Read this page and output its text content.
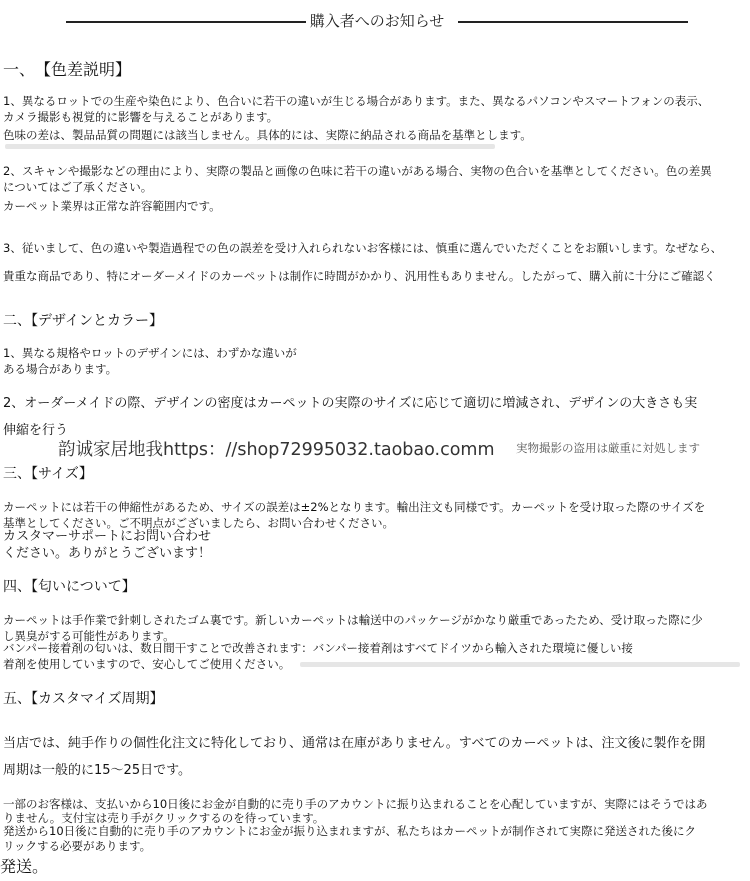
購入者へのお知らせ
一、　【色差説明】
1、異なるロットでの生産や染色により、色合いに若干の違いが生じる場合があります。また、異なるパソコンやスマートフォンの表示、
カメラ撮影も視覚的に影響を与えることがあります。
色味の差は、製品品質の問題には該当しません。具体的には、実際に納品される商品を基準とします。
2、スキャンや撮影などの理由により、実際の製品と画像の色味に若干の違いがある場合、実物の色合いを基準としてください。色の差異
についてはご了承ください。
カーペット業界は正常な許容範囲内です。
3、従いまして、色の違いや製造過程での色の誤差を受け入れられないお客様には、慎重に選んでいただくことをお願いします。なぜなら、
貴重な商品であり、特にオーダーメイドのカーペットは制作に時間がかかり、汎用性もありません。したがって、購入前に十分にご確認く
二、【デザインとカラー】
1、異なる規格やロットのデザインには、わずかな違いが
ある場合があります。
2、オーダーメイドの際、デザインの密度はカーペットの実際のサイズに応じて適切に増減され、デザインの大きさも実
伸縮を行う
韵诚家居地我https：//shop72995032.taobao.comm 実物撮影の盗用は厳重に対処します
三、【サイズ】
カーペットには若干の伸縮性があるため、サイズの誤差は±2%となります。輸出注文も同様です。カーペットを受け取った際のサイズを
基準としてください。ご不明点がございましたら、お問い合わせください。
カスタマーサポートにお問い合わせ
ください。ありがとうございます！
四、【匂いについて】
カーペットは手作業で針刺しされたゴム裏です。新しいカーペットは輸送中のパッケージがかなり厳重であったため、受け取った際に少
し異臭がする可能性があります。
バンパー接着剤の匂いは、数日間干すことで改善されます：バンパー接着剤はすべてドイツから輸入された環境に優しい接
着剤を使用していますので、安心してご使用ください。
五、【カスタマイズ周期】
当店では、純手作りの個性化注文に特化しており、通常は在庫がありません。すべてのカーペットは、注文後に製作を開
周期は一般的に15〜25日です。
一部のお客様は、支払いから10日後にお金が自動的に売り手のアカウントに振り込まれることを心配していますが、実際にはそうではあ
りません。支付宝は売り手がクリックするのを待っています。
発送から10日後に自動的に売り手のアカウントにお金が振り込まれますが、私たちはカーペットが制作されて実際に発送された後にク
リックする必要があります。
発送。
